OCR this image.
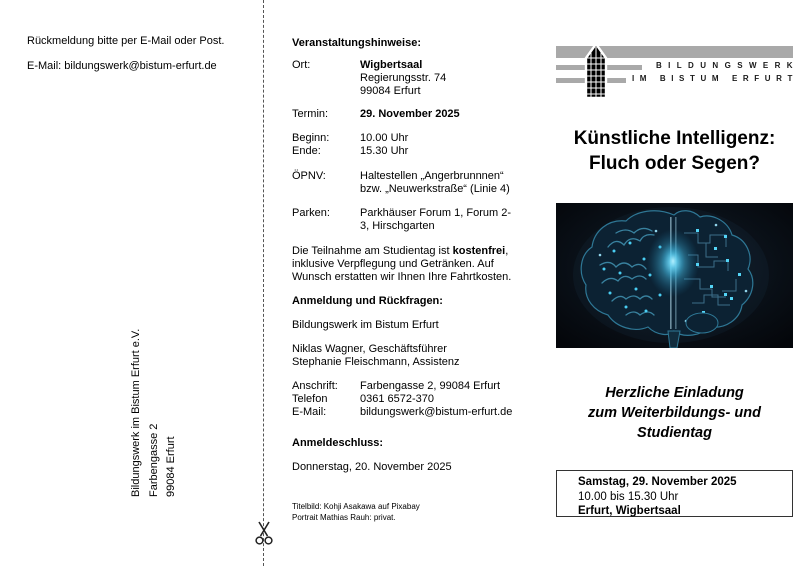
Rückmeldung bitte per E-Mail oder Post.
E-Mail: bildungswerk@bistum-erfurt.de
Bildungswerk im Bistum Erfurt e.V. Farbengasse 2 99084 Erfurt
Veranstaltungshinweise:
Ort:	Wigbertsaal
Regierungsstr. 74
99084 Erfurt
Termin:	29. November 2025
Beginn:	10.00 Uhr
Ende:	15.30 Uhr
ÖPNV:	Haltestellen „Angerbrunnnen“
bzw. „Neuwerkstraße“ (Linie 4)
Parken:	Parkhäuser Forum 1, Forum 2-
3, Hirschgarten
Die Teilnahme am Studientag ist kostenfrei, inklusive Verpflegung und Getränken. Auf Wunsch erstatten wir Ihnen Ihre Fahrtkosten.
Anmeldung und Rückfragen:
Bildungswerk im Bistum Erfurt
Niklas Wagner, Geschäftsführer
Stephanie Fleischmann, Assistenz
Anschrift:	Farbengasse 2, 99084 Erfurt
Telefon	0361 6572-370
E-Mail:	bildungswerk@bistum-erfurt.de
Anmeldeschluss:
Donnerstag, 20. November 2025
Titelbild: Kohji Asakawa auf Pixabay
Portrait Mathias Rauh: privat.
BILDUNGSWERK
IM BISTUM ERFURT
Künstliche Intelligenz:
Fluch oder Segen?
Herzliche Einladung
zum Weiterbildungs- und
Studientag
Samstag, 29. November 2025
10.00 bis 15.30 Uhr
Erfurt, Wigbertsaal
